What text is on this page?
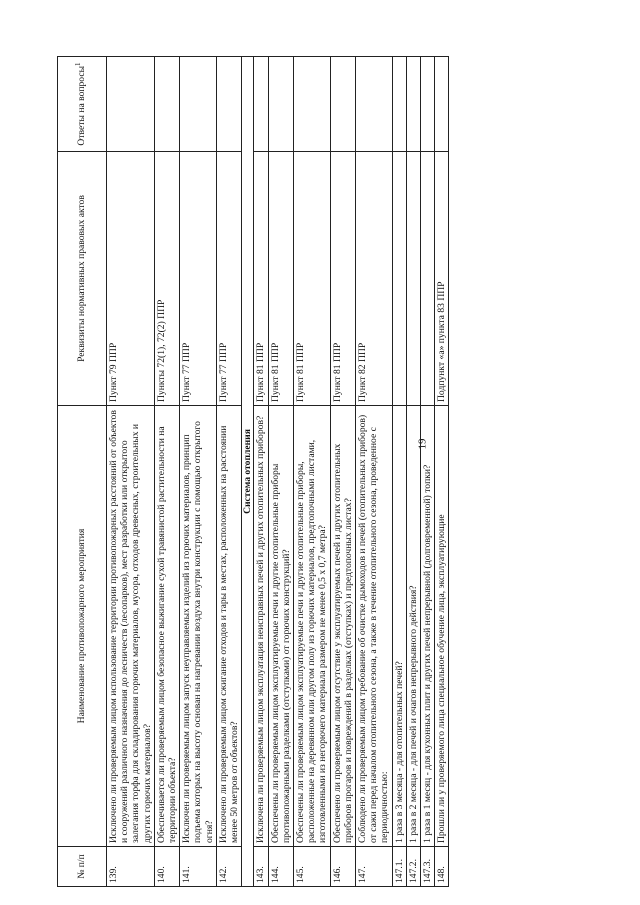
19
№ п/п	Наименование противопожарного мероприятия	Реквизиты нормативных правовых актов	Ответы на вопросы$^1$
139.	Исключено ли проверяемым лицом использование территории противопожарных расстояний от объектов и сооружений различного назначения до лесничеств (лесопарков), мест разработки или открытого залегания торфа для складирования горючих материалов, мусора, отходов древесных, строительных и других горючих материалов?	Пункт 79 ППР	
140.	Обеспечивается ли проверяемым лицом безопасное выжигание сухой травянистой растительности на территории объекта?	Пункты 72(1), 72(2) ППР	
141.	Исключен ли проверяемым лицом запуск неуправляемых изделий из горючих материалов, принцип подъема которых на высоту основан на нагревании воздуха внутри конструкции с помощью открытого огня?	Пункт 77 ППР	
142.	Исключено ли проверяемым лицом сжигание отходов и тары в местах, расположенных на расстоянии менее 50 метров от объектов?	Пункт 77 ППР	
Система отопления			
143.	Исключена ли проверяемым лицом эксплуатация неисправных печей и других отопительных приборов?	Пункт 81 ППР	
144.	Обеспечены ли проверяемым лицом эксплуатируемые печи и другие отопительные приборы противопожарными разделками (отступками) от горючих конструкций?	Пункт 81 ППР	
145.	Обеспечены ли проверяемым лицом эксплуатируемые печи и другие отопительные приборы, расположенные на деревянном или другом полу из горючих материалов, предтопочными листами, изготовленными из негорючего материала размером не менее 0,5 х 0,7 метра?	Пункт 81 ППР	
146.	Обеспечено ли проверяемым лицом отсутствие у эксплуатируемых печей и других отопительных приборов прогаров и повреждений в разделках (отступках) и предтопочных листах?	Пункт 81 ППР	
147.	Соблюдено ли проверяемым лицом требование об очистке дымоходов и печей (отопительных приборов) от сажи перед началом отопительного сезона, а также в течение отопительного сезона, проведенное с периодичностью:	Пункт 82 ППР	
147.1.	1 раза в 3 месяца - для отопительных печей?		
147.2.	1 раза в 2 месяца - для печей и очагов непрерывного действия?		
147.3.	1 раза в 1 месяц - для кухонных плит и других печей непрерывной (долговременной) топки?		
148.	Прошли ли у проверяемого лица специальное обучение лица, эксплуатирующие	Подпункт «а» пункта 83 ППР	
